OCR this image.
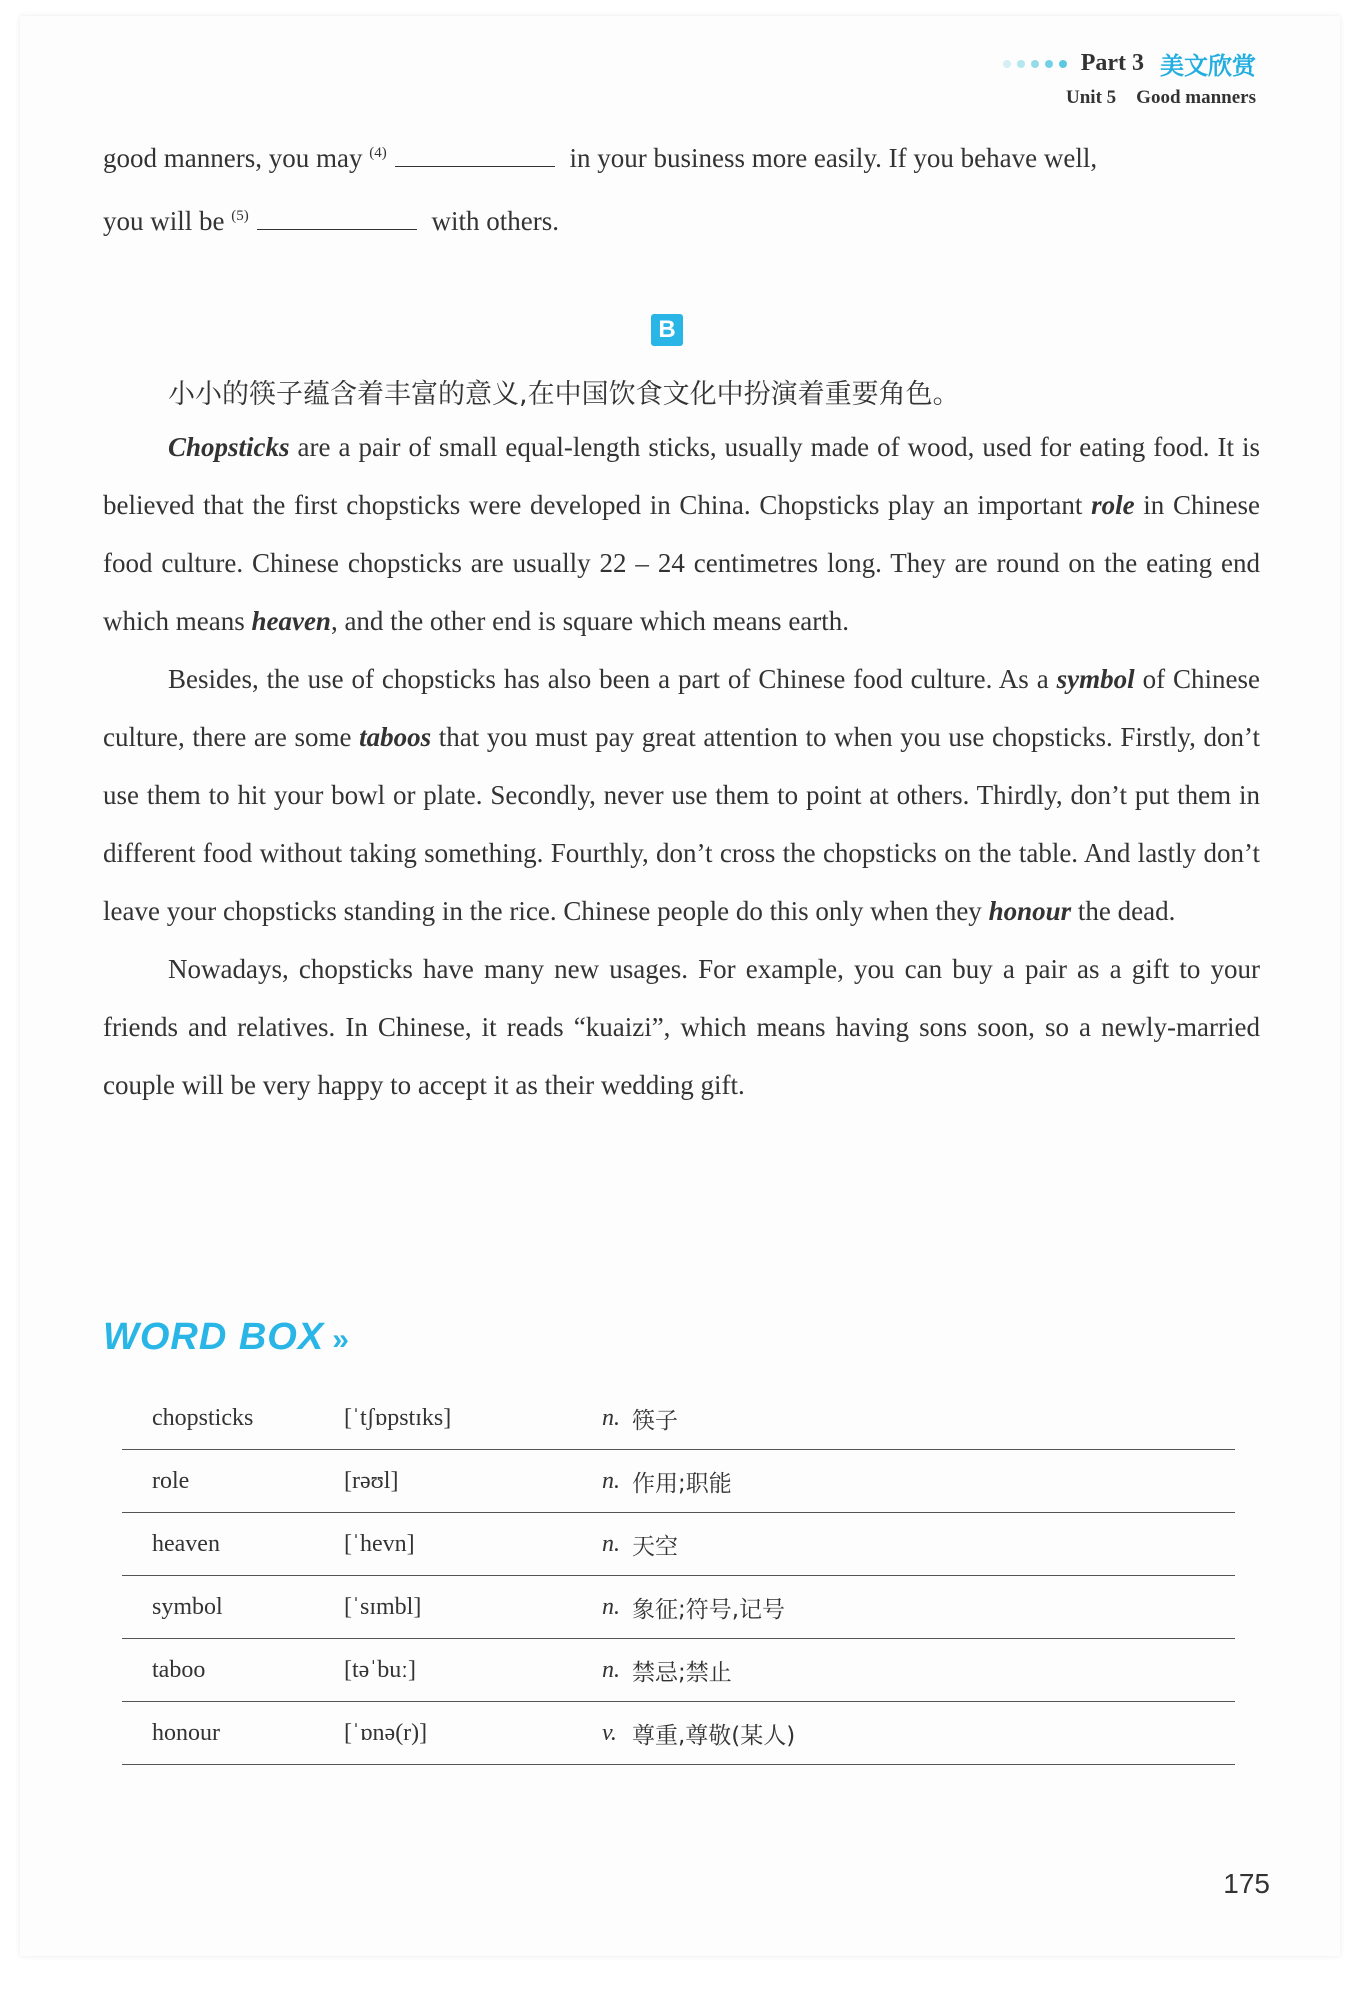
Part 3 美文欣赏
Unit 5 Good manners
good manners, you may $^{(4)}$	in your business more easily. If you behave well,
you will be $^{(5)}$	with others.
B
小小的筷子蕴含着丰富的意义,在中国饮食文化中扮演着重要角色。

Chopsticks are a pair of small equal-length sticks, usually made of wood, used for eating food. It is believed that the first chopsticks were developed in China. Chopsticks play an important role in Chinese food culture. Chinese chopsticks are usually 22 – 24 centimetres long. They are round on the eating end which means heaven, and the other end is square which means earth.

Besides, the use of chopsticks has also been a part of Chinese food culture. As a symbol of Chinese culture, there are some taboos that you must pay great attention to when you use chopsticks. Firstly, don’t use them to hit your bowl or plate. Secondly, never use them to point at others. Thirdly, don’t put them in different food without taking something. Fourthly, don’t cross the chopsticks on the table. And lastly don’t leave your chopsticks standing in the rice. Chinese people do this only when they honour the dead.

Nowadays, chopsticks have many new usages. For example, you can buy a pair as a gift to your friends and relatives. In Chinese, it reads “kuaizi”, which means having sons soon, so a newly-married couple will be very happy to accept it as their wedding gift.

WORD BOX »
chopsticks	[ˈtʃɒpstɪks]	n. 筷子
role	[rəʊl]	n. 作用;职能
heaven	[ˈhevn]	n. 天空
symbol	[ˈsɪmbl]	n. 象征;符号,记号
taboo	[təˈbuː]	n. 禁忌;禁止
honour	[ˈɒnə(r)]	v. 尊重,尊敬(某人)
175
